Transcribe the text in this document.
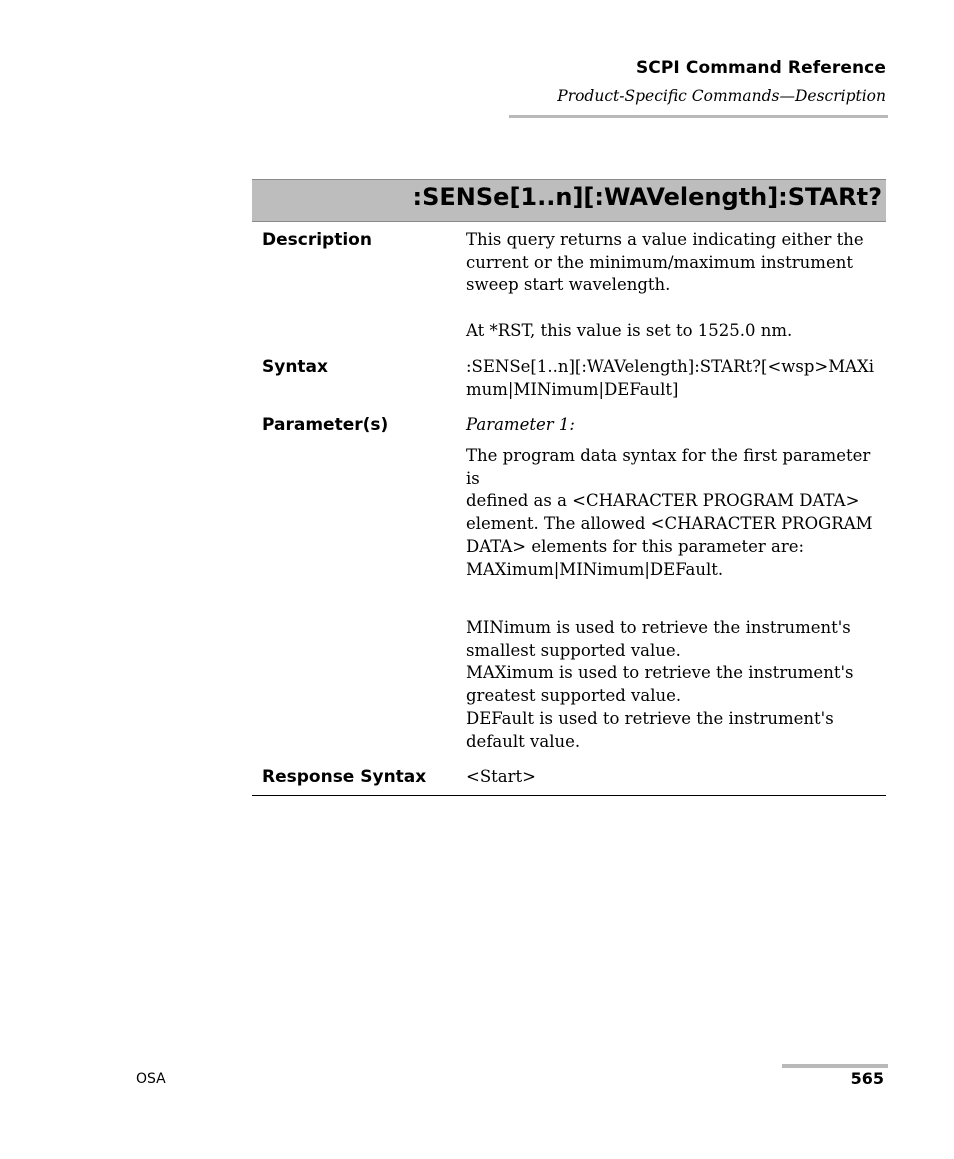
SCPI Command Reference
Product-Specific Commands—Description
:SENSe[1..n][:WAVelength]:STARt?
Description	This query returns a value indicating either the
current or the minimum/maximum instrument
sweep start wavelength.
At *RST, this value is set to 1525.0 nm.
Syntax	:SENSe[1..n][:WAVelength]:STARt?[<wsp>MAXi
mum|MINimum|DEFault]
Parameter(s)	Parameter 1:
The program data syntax for the first parameter is
defined as a <CHARACTER PROGRAM DATA>
element. The allowed <CHARACTER PROGRAM
DATA> elements for this parameter are:
MAXimum|MINimum|DEFault.
MINimum is used to retrieve the instrument's
smallest supported value.
MAXimum is used to retrieve the instrument's
greatest supported value.
DEFault is used to retrieve the instrument's
default value.
Response Syntax <Start>
OSA	565
